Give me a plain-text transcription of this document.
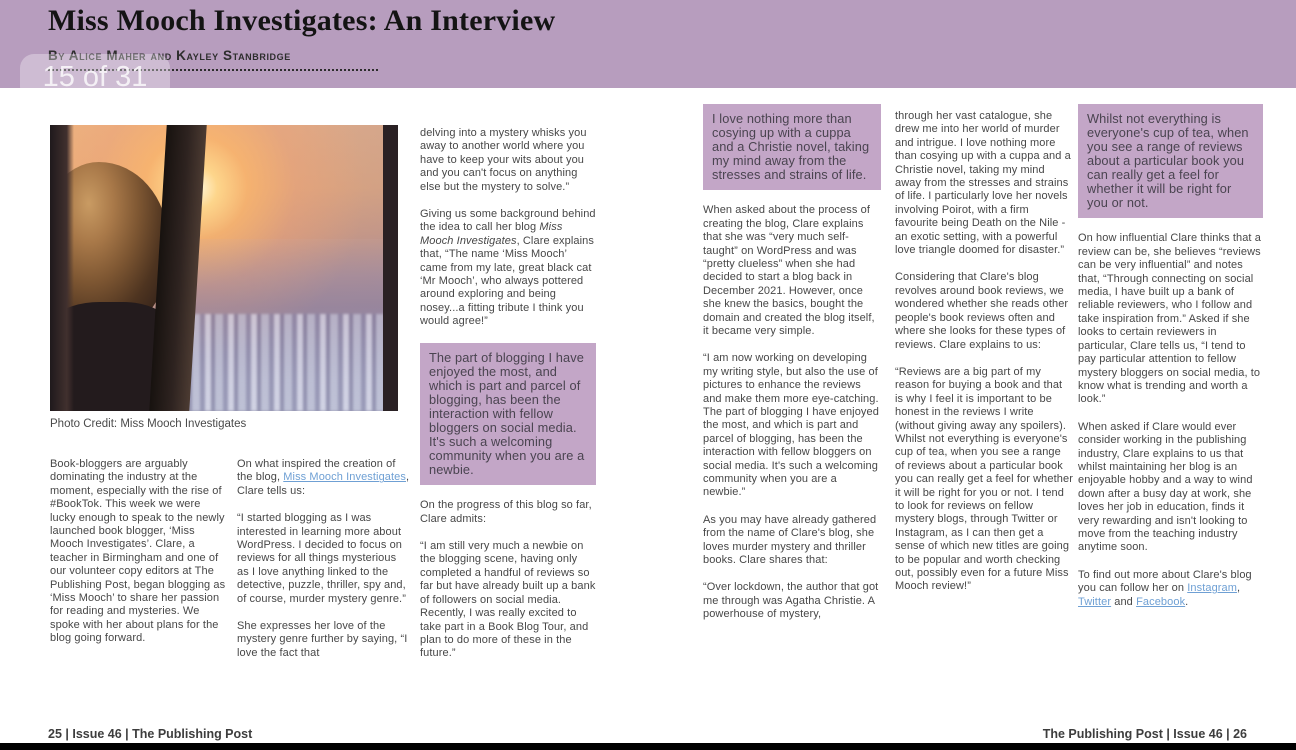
Miss Mooch Investigates: An Interview
By Alice Maher and Kayley Stanbridge
15 of 31
Photo Credit: Miss Mooch Investigates

Book-bloggers are arguably dominating the industry at the moment, especially with the rise of #BookTok. This week we were lucky enough to speak to the newly launched book blogger, ‘Miss Mooch Investigates’. Clare, a teacher in Birmingham and one of our volunteer copy editors at The Publishing Post, began blogging as ‘Miss Mooch’ to share her passion for reading and mysteries. We spoke with her about plans for the blog going forward.

On what inspired the creation of the blog, Miss Mooch Investigates, Clare tells us:

“I started blogging as I was interested in learning more about WordPress. I decided to focus on reviews for all things mysterious as I love anything linked to the detective, puzzle, thriller, spy and, of course, murder mystery genre.”

She expresses her love of the mystery genre further by saying, “I love the fact that

delving into a mystery whisks you away to another world where you have to keep your wits about you and you can't focus on anything else but the mystery to solve.”

Giving us some background behind the idea to call her blog Miss Mooch Investigates, Clare explains that, “The name ‘Miss Mooch’ came from my late, great black cat ‘Mr Mooch’, who always pottered around exploring and being nosey...a fitting tribute I think you would agree!”

The part of blogging I have enjoyed the most, and which is part and parcel of blogging, has been the interaction with fellow bloggers on social media. It's such a welcoming community when you are a newbie.

On the progress of this blog so far, Clare admits:

“I am still very much a newbie on the blogging scene, having only completed a handful of reviews so far but have already built up a bank of followers on social media. Recently, I was really excited to take part in a Book Blog Tour, and plan to do more of these in the future.”

I love nothing more than cosying up with a cuppa and a Christie novel, taking my mind away from the stresses and strains of life.

When asked about the process of creating the blog, Clare explains that she was “very much self-taught” on WordPress and was “pretty clueless” when she had decided to start a blog back in December 2021. However, once she knew the basics, bought the domain and created the blog itself, it became very simple.

“I am now working on developing my writing style, but also the use of pictures to enhance the reviews and make them more eye-catching. The part of blogging I have enjoyed the most, and which is part and parcel of blogging, has been the interaction with fellow bloggers on social media. It's such a welcoming community when you are a newbie.”

As you may have already gathered from the name of Clare's blog, she loves murder mystery and thriller books. Clare shares that:

“Over lockdown, the author that got me through was Agatha Christie. A powerhouse of mystery,

through her vast catalogue, she drew me into her world of murder and intrigue. I love nothing more than cosying up with a cuppa and a Christie novel, taking my mind away from the stresses and strains of life. I particularly love her novels involving Poirot, with a firm favourite being Death on the Nile - an exotic setting, with a powerful love triangle doomed for disaster.”

Considering that Clare's blog revolves around book reviews, we wondered whether she reads other people's book reviews often and where she looks for these types of reviews. Clare explains to us:

“Reviews are a big part of my reason for buying a book and that is why I feel it is important to be honest in the reviews I write (without giving away any spoilers). Whilst not everything is everyone's cup of tea, when you see a range of reviews about a particular book you can really get a feel for whether it will be right for you or not. I tend to look for reviews on fellow mystery blogs, through Twitter or Instagram, as I can then get a sense of which new titles are going to be popular and worth checking out, possibly even for a future Miss Mooch review!”

Whilst not everything is everyone's cup of tea, when you see a range of reviews about a particular book you can really get a feel for whether it will be right for you or not.

On how influential Clare thinks that a review can be, she believes “reviews can be very influential” and notes that, “Through connecting on social media, I have built up a bank of reliable reviewers, who I follow and take inspiration from.” Asked if she looks to certain reviewers in particular, Clare tells us, “I tend to pay particular attention to fellow mystery bloggers on social media, to know what is trending and worth a look.”

When asked if Clare would ever consider working in the publishing industry, Clare explains to us that whilst maintaining her blog is an enjoyable hobby and a way to wind down after a busy day at work, she loves her job in education, finds it very rewarding and isn't looking to move from the teaching industry anytime soon.

To find out more about Clare's blog you can follow her on Instagram, Twitter and Facebook.

25 | Issue 46 | The Publishing Post	The Publishing Post | Issue 46 | 26
